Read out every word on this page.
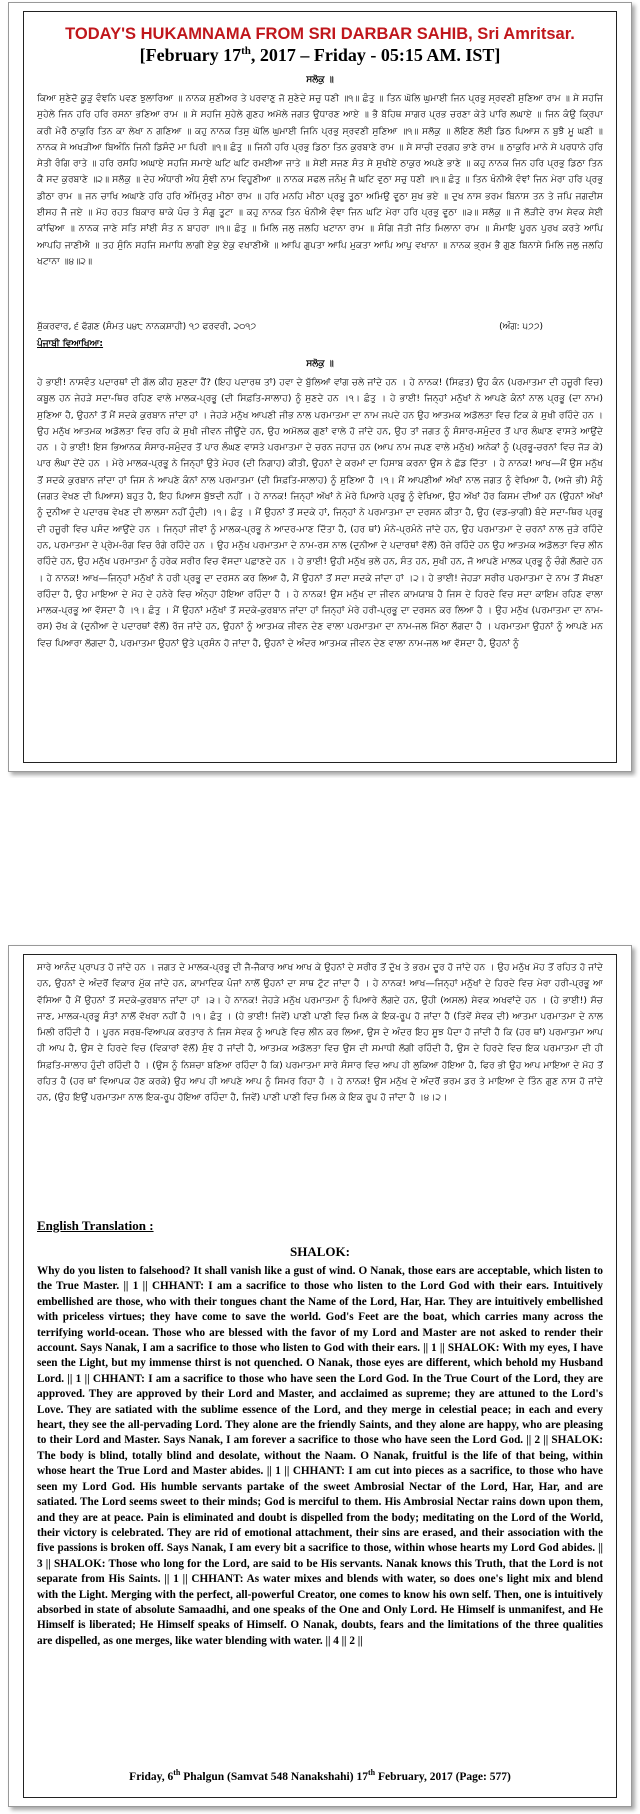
TODAY'S HUKAMNAMA FROM SRI DARBAR SAHIB, Sri Amritsar.
[February 17th, 2017 – Friday - 05:15 AM. IST]
ਸਲੋਕੁ ॥
ਕਿਆ ਸੁਣੇਦੋ ਕੂੜੁ ਵੰਞਨਿ ਪਵਣ ਝੁਲਾਰਿਆ ॥ ਨਾਨਕ ਸੁਣੀਅਰ ਤੇ ਪਰਵਾਣੁ ਜੋ ਸੁਣੇਦੇ ਸਚੁ ਧਣੀ ॥੧॥ ਛੰਤੁ ॥ ਤਿਨ ਘੋਲਿ ਘੁਮਾਈ ਜਿਨ ਪ੍ਰਭੁ ਸ੍ਰਵਣੀ ਸੁਣਿਆ ਰਾਮ ॥ ਸੇ ਸਹਜਿ ਸੁਹੇਲੇ ਜਿਨ ਹਰਿ ਹਰਿ ਰਸਨਾ ਭਣਿਆ ਰਾਮ ॥ ਸੇ ਸਹਜਿ ਸੁਹੇਲੇ ਗੁਣਹ ਅਮੋਲੇ ਜਗਤ ਉਧਾਰਣ ਆਏ ॥ ਭੈ ਬੋਹਿਥ ਸਾਗਰ ਪ੍ਰਭ ਚਰਣਾ ਕੇਤੇ ਪਾਰਿ ਲਘਾਏ ॥ ਜਿਨ ਕੰਉ ਕ੍ਰਿਪਾ ਕਰੀ ਮੇਰੈ ਠਾਕੁਰਿ ਤਿਨ ਕਾ ਲੇਖਾ ਨ ਗਣਿਆ ॥ ਕਹੁ ਨਾਨਕ ਤਿਸੁ ਘੋਲਿ ਘੁਮਾਈ ਜਿਨਿ ਪ੍ਰਭੁ ਸ੍ਰਵਣੀ ਸੁਣਿਆ ॥੧॥ ਸਲੋਕੁ ॥ ਲੋਇਣ ਲੋਈ ਡਿਠ ਪਿਆਸ ਨ ਬੁਝੈ ਮੂ ਘਣੀ ॥ ਨਾਨਕ ਸੇ ਅਖੜੀਆ ਬਿਅੰਨਿ ਜਿਨੀ ਡਿਸੰਦੋ ਮਾ ਪਿਰੀ ॥੧॥ ਛੰਤੁ ॥ ਜਿਨੀ ਹਰਿ ਪ੍ਰਭੁ ਡਿਠਾ ਤਿਨ ਕੁਰਬਾਣੇ ਰਾਮ ॥ ਸੇ ਸਾਚੀ ਦਰਗਹ ਭਾਣੇ ਰਾਮ ॥ ਠਾਕੁਰਿ ਮਾਨੇ ਸੇ ਪਰਧਾਨੇ ਹਰਿ ਸੇਤੀ ਰੰਗਿ ਰਾਤੇ ॥ ਹਰਿ ਰਸਹਿ ਅਘਾਏ ਸਹਜਿ ਸਮਾਏ ਘਟਿ ਘਟਿ ਰਮਈਆ ਜਾਤੇ ॥ ਸੇਈ ਸਜਣ ਸੰਤ ਸੇ ਸੁਖੀਏ ਠਾਕੁਰ ਅਪਣੇ ਭਾਣੇ ॥ ਕਹੁ ਨਾਨਕ ਜਿਨ ਹਰਿ ਪ੍ਰਭੁ ਡਿਠਾ ਤਿਨ ਕੈ ਸਦ ਕੁਰਬਾਣੇ ॥੨॥ ਸਲੋਕੁ ॥ ਦੇਹ ਅੰਧਾਰੀ ਅੰਧ ਸੁੰਞੀ ਨਾਮ ਵਿਹੂਣੀਆ ॥ ਨਾਨਕ ਸਫਲ ਜਨੰਮੁ ਜੈ ਘਟਿ ਵੁਠਾ ਸਚੁ ਧਣੀ ॥੧॥ ਛੰਤੁ ॥ ਤਿਨ ਖੰਨੀਐ ਵੰਞਾਂ ਜਿਨ ਮੇਰਾ ਹਰਿ ਪ੍ਰਭੁ ਡੀਠਾ ਰਾਮ ॥ ਜਨ ਚਾਖਿ ਅਘਾਣੇ ਹਰਿ ਹਰਿ ਅੰਮ੍ਰਿਤੁ ਮੀਠਾ ਰਾਮ ॥ ਹਰਿ ਮਨਹਿ ਮੀਠਾ ਪ੍ਰਭੂ ਤੂਠਾ ਅਮਿਉ ਵੂਠਾ ਸੁਖ ਭਏ ॥ ਦੁਖ ਨਾਸ ਭਰਮ ਬਿਨਾਸ ਤਨ ਤੇ ਜਪਿ ਜਗਦੀਸ ਈਸਹ ਜੈ ਜਏ ॥ ਮੋਹ ਰਹਤ ਬਿਕਾਰ ਥਾਕੇ ਪੰਚ ਤੇ ਸੰਗੁ ਤੂਟਾ ॥ ਕਹੁ ਨਾਨਕ ਤਿਨ ਖੰਨੀਐ ਵੰਞਾ ਜਿਨ ਘਟਿ ਮੇਰਾ ਹਰਿ ਪ੍ਰਭੁ ਵੂਠਾ ॥੩॥ ਸਲੋਕੁ ॥ ਜੋ ਲੋੜੀਦੇ ਰਾਮ ਸੇਵਕ ਸੇਈ ਕਾਂਢਿਆ ॥ ਨਾਨਕ ਜਾਣੇ ਸਤਿ ਸਾਂਈ ਸੰਤ ਨ ਬਾਹਰਾ ॥੧॥ ਛੰਤੁ ॥ ਮਿਲਿ ਜਲੁ ਜਲਹਿ ਖਟਾਨਾ ਰਾਮ ॥ ਸੰਗਿ ਜੋਤੀ ਜੋਤਿ ਮਿਲਾਨਾ ਰਾਮ ॥ ਸੰਮਾਇ ਪੂਰਨ ਪੁਰਖ ਕਰਤੇ ਆਪਿ ਆਪਹਿ ਜਾਣੀਐ ॥ ਤਹ ਸੁੰਨਿ ਸਹਜਿ ਸਮਾਧਿ ਲਾਗੀ ਏਕੁ ਏਕੁ ਵਖਾਣੀਐ ॥ ਆਪਿ ਗੁਪਤਾ ਆਪਿ ਮੁਕਤਾ ਆਪਿ ਆਪੁ ਵਖਾਨਾ ॥ ਨਾਨਕ ਭ੍ਰਮ ਭੈ ਗੁਣ ਬਿਨਾਸੇ ਮਿਲਿ ਜਲੁ ਜਲਹਿ ਖਟਾਨਾ ॥੪॥੨॥
ਸ਼ੁੱਕਰਵਾਰ, ੬ ਫੱਗਣ (ਸੰਮਤ ੫੪੮ ਨਾਨਕਸ਼ਾਹੀ) ੧੭ ਫਰਵਰੀ, ੨੦੧੭	(ਅੰਗ: ੫੭੭)
ਪੰਜਾਬੀ ਵਿਆਖਿਆ:
ਸਲੋਕੁ ॥
ਹੇ ਭਾਈ! ਨਾਸਵੰਤ ਪਦਾਰਥਾਂ ਦੀ ਗੱਲ ਕੀਹ ਸੁਣਦਾ ਹੈਂ? (ਇਹ ਪਦਾਰਥ ਤਾਂ) ਹਵਾ ਦੇ ਬੁੱਲਿਆਂ ਵਾਂਗ ਚਲੇ ਜਾਂਦੇ ਹਨ । ਹੇ ਨਾਨਕ! (ਸਿਫ਼ਤ) ਉਹ ਕੰਨ (ਪਰਮਾਤਮਾ ਦੀ ਹਜ਼ੂਰੀ ਵਿਚ) ਕਬੂਲ ਹਨ ਜੇਹੜੇ ਸਦਾ-ਥਿਰ ਰਹਿਣ ਵਾਲੇ ਮਾਲਕ-ਪ੍ਰਭੂ (ਦੀ ਸਿਫ਼ਤਿ-ਸਾਲਾਹ) ਨੂੰ ਸੁਣਦੇ ਹਨ ।੧। ਛੰਤੁ । ਹੇ ਭਾਈ! ਜਿਨ੍ਹਾਂ ਮਨੁੱਖਾਂ ਨੇ ਆਪਣੇ ਕੰਨਾਂ ਨਾਲ ਪ੍ਰਭੂ (ਦਾ ਨਾਮ) ਸੁਣਿਆ ਹੈ, ਉਹਨਾਂ ਤੋਂ ਮੈਂ ਸਦਕੇ ਕੁਰਬਾਨ ਜਾਂਦਾ ਹਾਂ । ਜੇਹੜੇ ਮਨੁੱਖ ਆਪਣੀ ਜੀਭ ਨਾਲ ਪਰਮਾਤਮਾ ਦਾ ਨਾਮ ਜਪਦੇ ਹਨ ਉਹ ਆਤਮਕ ਅਡੋਲਤਾ ਵਿਚ ਟਿਕ ਕੇ ਸੁਖੀ ਰਹਿੰਦੇ ਹਨ । ਉਹ ਮਨੁੱਖ ਆਤਮਕ ਅਡੋਲਤਾ ਵਿਚ ਰਹਿ ਕੇ ਸੁਖੀ ਜੀਵਨ ਜੀਊਂਦੇ ਹਨ, ਉਹ ਅਮੋਲਕ ਗੁਣਾਂ ਵਾਲੇ ਹੋ ਜਾਂਦੇ ਹਨ, ਉਹ ਤਾਂ ਜਗਤ ਨੂੰ ਸੰਸਾਰ-ਸਮੁੰਦਰ ਤੋਂ ਪਾਰ ਲੰਘਾਣ ਵਾਸਤੇ ਆਉਂਦੇ ਹਨ । ਹੇ ਭਾਈ! ਇਸ ਭਿਆਨਕ ਸੰਸਾਰ-ਸਮੁੰਦਰ ਤੋਂ ਪਾਰ ਲੰਘਣ ਵਾਸਤੇ ਪਰਮਾਤਮਾ ਦੇ ਚਰਨ ਜਹਾਜ਼ ਹਨ (ਆਪ ਨਾਮ ਜਪਣ ਵਾਲੇ ਮਨੁੱਖ) ਅਨੇਕਾਂ ਨੂੰ (ਪ੍ਰਭੂ-ਚਰਨਾਂ ਵਿਚ ਜੋੜ ਕੇ) ਪਾਰ ਲੰਘਾ ਦੇਂਦੇ ਹਨ । ਮੇਰੇ ਮਾਲਕ-ਪ੍ਰਭੂ ਨੇ ਜਿਨ੍ਹਾਂ ਉਤੇ ਮੇਹਰ (ਦੀ ਨਿਗਾਹ) ਕੀਤੀ, ਉਹਨਾਂ ਦੇ ਕਰਮਾਂ ਦਾ ਹਿਸਾਬ ਕਰਨਾ ਉਸ ਨੇ ਛੱਡ ਦਿੱਤਾ । ਹੇ ਨਾਨਕ! ਆਖ—ਮੈਂ ਉਸ ਮਨੁੱਖ ਤੋਂ ਸਦਕੇ ਕੁਰਬਾਨ ਜਾਂਦਾ ਹਾਂ ਜਿਸ ਨੇ ਆਪਣੇ ਕੰਨਾਂ ਨਾਲ ਪਰਮਾਤਮਾ (ਦੀ ਸਿਫ਼ਤਿ-ਸਾਲਾਹ) ਨੂੰ ਸੁਣਿਆ ਹੈ ।੧। ਮੈਂ ਆਪਣੀਆਂ ਅੱਖਾਂ ਨਾਲ ਜਗਤ ਨੂੰ ਵੇਖਿਆ ਹੈ, (ਅਜੇ ਭੀ) ਮੈਨੂੰ (ਜਗਤ ਵੇਖਣ ਦੀ ਪਿਆਸ) ਬਹੁਤ ਹੈ, ਇਹ ਪਿਆਸ ਬੁੱਝਦੀ ਨਹੀਂ । ਹੇ ਨਾਨਕ! ਜਿਨ੍ਹਾਂ ਅੱਖਾਂ ਨੇ ਮੇਰੇ ਪਿਆਰੇ ਪ੍ਰਭੂ ਨੂੰ ਵੇਖਿਆ, ਉਹ ਅੱਖਾਂ ਹੋਰ ਕਿਸਮ ਦੀਆਂ ਹਨ (ਉਹਨਾਂ ਅੱਖਾਂ ਨੂੰ ਦੁਨੀਆ ਦੇ ਪਦਾਰਥ ਵੇਖਣ ਦੀ ਲਾਲਸਾ ਨਹੀਂ ਹੁੰਦੀ) ।੧। ਛੰਤੁ । ਮੈਂ ਉਹਨਾਂ ਤੋਂ ਸਦਕੇ ਹਾਂ, ਜਿਨ੍ਹਾਂ ਨੇ ਪਰਮਾਤਮਾ ਦਾ ਦਰਸਨ ਕੀਤਾ ਹੈ, ਉਹ (ਵਡ-ਭਾਗੀ) ਬੰਦੇ ਸਦਾ-ਥਿਰ ਪ੍ਰਭੂ ਦੀ ਹਜ਼ੂਰੀ ਵਿਚ ਪਸੰਦ ਆਉਂਦੇ ਹਨ । ਜਿਨ੍ਹਾਂ ਜੀਵਾਂ ਨੂੰ ਮਾਲਕ-ਪ੍ਰਭੂ ਨੇ ਆਦਰ-ਮਾਣ ਦਿੱਤਾ ਹੈ, (ਹਰ ਥਾਂ) ਮੰਨੇ-ਪ੍ਰਮੰਨੇ ਜਾਂਦੇ ਹਨ, ਉਹ ਪਰਮਾਤਮਾ ਦੇ ਚਰਨਾਂ ਨਾਲ ਜੁੜੇ ਰਹਿੰਦੇ ਹਨ, ਪਰਮਾਤਮਾ ਦੇ ਪ੍ਰੇਮ-ਰੰਗ ਵਿਚ ਰੰਗੇ ਰਹਿੰਦੇ ਹਨ । ਉਹ ਮਨੁੱਖ ਪਰਮਾਤਮਾ ਦੇ ਨਾਮ-ਰਸ ਨਾਲ (ਦੁਨੀਆ ਦੇ ਪਦਾਰਥਾਂ ਵੱਲੋਂ) ਰੱਜੇ ਰਹਿੰਦੇ ਹਨ ਉਹ ਆਤਮਕ ਅਡੋਲਤਾ ਵਿਚ ਲੀਨ ਰਹਿੰਦੇ ਹਨ, ਉਹ ਮਨੁੱਖ ਪਰਮਾਤਮਾ ਨੂੰ ਹਰੇਕ ਸਰੀਰ ਵਿਚ ਵੱਸਦਾ ਪਛਾਣਦੇ ਹਨ । ਹੇ ਭਾਈ! ਉਹੀ ਮਨੁੱਖ ਭਲੇ ਹਨ, ਸੰਤ ਹਨ, ਸੁਖੀ ਹਨ, ਜੋ ਆਪਣੇ ਮਾਲਕ ਪ੍ਰਭੂ ਨੂੰ ਚੰਗੇ ਲੱਗਦੇ ਹਨ । ਹੇ ਨਾਨਕ! ਆਖ—ਜਿਨ੍ਹਾਂ ਮਨੁੱਖਾਂ ਨੇ ਹਰੀ ਪ੍ਰਭੂ ਦਾ ਦਰਸਨ ਕਰ ਲਿਆ ਹੈ, ਮੈਂ ਉਹਨਾਂ ਤੋਂ ਸਦਾ ਸਦਕੇ ਜਾਂਦਾ ਹਾਂ ।੨। ਹੇ ਭਾਈ! ਜੇਹੜਾ ਸਰੀਰ ਪਰਮਾਤਮਾ ਦੇ ਨਾਮ ਤੋਂ ਸੱਖਣਾ ਰਹਿੰਦਾ ਹੈ, ਉਹ ਮਾਇਆ ਦੇ ਮੋਹ ਦੇ ਹਨੇਰੇ ਵਿਚ ਅੰਨ੍ਹਾ ਹੋਇਆ ਰਹਿੰਦਾ ਹੈ । ਹੇ ਨਾਨਕ! ਉਸ ਮਨੁੱਖ ਦਾ ਜੀਵਨ ਕਾਮਯਾਬ ਹੈ ਜਿਸ ਦੇ ਹਿਰਦੇ ਵਿਚ ਸਦਾ ਕਾਇਮ ਰਹਿਣ ਵਾਲਾ ਮਾਲਕ-ਪ੍ਰਭੂ ਆ ਵੱਸਦਾ ਹੈ ।੧। ਛੰਤੁ । ਮੈਂ ਉਹਨਾਂ ਮਨੁੱਖਾਂ ਤੋਂ ਸਦਕੇ-ਕੁਰਬਾਨ ਜਾਂਦਾ ਹਾਂ ਜਿਨ੍ਹਾਂ ਮੇਰੇ ਹਰੀ-ਪ੍ਰਭੂ ਦਾ ਦਰਸਨ ਕਰ ਲਿਆ ਹੈ । ਉਹ ਮਨੁੱਖ (ਪਰਮਾਤਮਾ ਦਾ ਨਾਮ-ਰਸ) ਚੱਖ ਕੇ (ਦੁਨੀਆ ਦੇ ਪਦਾਰਥਾਂ ਵੱਲੋਂ) ਰੱਜ ਜਾਂਦੇ ਹਨ, ਉਹਨਾਂ ਨੂੰ ਆਤਮਕ ਜੀਵਨ ਦੇਣ ਵਾਲਾ ਪਰਮਾਤਮਾ ਦਾ ਨਾਮ-ਜਲ ਮਿੱਠਾ ਲੱਗਦਾ ਹੈ । ਪਰਮਾਤਮਾ ਉਹਨਾਂ ਨੂੰ ਆਪਣੇ ਮਨ ਵਿਚ ਪਿਆਰਾ ਲੱਗਦਾ ਹੈ, ਪਰਮਾਤਮਾ ਉਹਨਾਂ ਉਤੇ ਪ੍ਰਸੰਨ ਹੋ ਜਾਂਦਾ ਹੈ, ਉਹਨਾਂ ਦੇ ਅੰਦਰ ਆਤਮਕ ਜੀਵਨ ਦੇਣ ਵਾਲਾ ਨਾਮ-ਜਲ ਆ ਵੱਸਦਾ ਹੈ, ਉਹਨਾਂ ਨੂੰ
ਸਾਰੇ ਆਨੰਦ ਪ੍ਰਾਪਤ ਹੋ ਜਾਂਦੇ ਹਨ । ਜਗਤ ਦੇ ਮਾਲਕ-ਪ੍ਰਭੂ ਦੀ ਜੈ-ਜੈਕਾਰ ਆਖ ਆਖ ਕੇ ਉਹਨਾਂ ਦੇ ਸਰੀਰ ਤੋਂ ਦੁੱਖ ਤੇ ਭਰਮ ਦੂਰ ਹੋ ਜਾਂਦੇ ਹਨ । ਉਹ ਮਨੁੱਖ ਮੋਹ ਤੋਂ ਰਹਿਤ ਹੋ ਜਾਂਦੇ ਹਨ, ਉਹਨਾਂ ਦੇ ਅੰਦਰੋਂ ਵਿਕਾਰ ਮੁੱਕ ਜਾਂਦੇ ਹਨ, ਕਾਮਾਦਿਕ ਪੰਜਾਂ ਨਾਲੋਂ ਉਹਨਾਂ ਦਾ ਸਾਥ ਟੁੱਟ ਜਾਂਦਾ ਹੈ । ਹੇ ਨਾਨਕ! ਆਖ—ਜਿਨ੍ਹਾਂ ਮਨੁੱਖਾਂ ਦੇ ਹਿਰਦੇ ਵਿਚ ਮੇਰਾ ਹਰੀ-ਪ੍ਰਭੂ ਆ ਵੱਸਿਆ ਹੈ ਮੈਂ ਉਹਨਾਂ ਤੋਂ ਸਦਕੇ-ਕੁਰਬਾਨ ਜਾਂਦਾ ਹਾਂ ।੩। ਹੇ ਨਾਨਕ! ਜੇਹੜੇ ਮਨੁੱਖ ਪਰਮਾਤਮਾ ਨੂੰ ਪਿਆਰੇ ਲੱਗਦੇ ਹਨ, ਉਹੀ (ਅਸਲ) ਸੇਵਕ ਅਖਵਾਂਦੇ ਹਨ । (ਹੇ ਭਾਈ!) ਸੱਚ ਜਾਣ, ਮਾਲਕ-ਪ੍ਰਭੂ ਸੰਤਾਂ ਨਾਲੋਂ ਵੱਖਰਾ ਨਹੀਂ ਹੈ ।੧। ਛੰਤੁ । (ਹੇ ਭਾਈ! ਜਿਵੇਂ) ਪਾਣੀ ਪਾਣੀ ਵਿਚ ਮਿਲ ਕੇ ਇਕ-ਰੂਪ ਹੋ ਜਾਂਦਾ ਹੈ (ਤਿਵੇਂ ਸੇਵਕ ਦੀ) ਆਤਮਾ ਪਰਮਾਤਮਾ ਦੇ ਨਾਲ ਮਿਲੀ ਰਹਿੰਦੀ ਹੈ । ਪੂਰਨ ਸਰਬ-ਵਿਆਪਕ ਕਰਤਾਰ ਨੇ ਜਿਸ ਸੇਵਕ ਨੂੰ ਆਪਣੇ ਵਿਚ ਲੀਨ ਕਰ ਲਿਆ, ਉਸ ਦੇ ਅੰਦਰ ਇਹ ਸੂਝ ਪੈਦਾ ਹੋ ਜਾਂਦੀ ਹੈ ਕਿ (ਹਰ ਥਾਂ) ਪਰਮਾਤਮਾ ਆਪ ਹੀ ਆਪ ਹੈ, ਉਸ ਦੇ ਹਿਰਦੇ ਵਿਚ (ਵਿਕਾਰਾਂ ਵੱਲੋਂ) ਸੁੰਞ ਹੋ ਜਾਂਦੀ ਹੈ, ਆਤਮਕ ਅਡੋਲਤਾ ਵਿਚ ਉਸ ਦੀ ਸਮਾਧੀ ਲੱਗੀ ਰਹਿੰਦੀ ਹੈ, ਉਸ ਦੇ ਹਿਰਦੇ ਵਿਚ ਇਕ ਪਰਮਾਤਮਾ ਦੀ ਹੀ ਸਿਫ਼ਤਿ-ਸਾਲਾਹ ਹੁੰਦੀ ਰਹਿੰਦੀ ਹੈ । (ਉਸ ਨੂੰ ਨਿਸ਼ਚਾ ਬਣਿਆ ਰਹਿੰਦਾ ਹੈ ਕਿ) ਪਰਮਾਤਮਾ ਸਾਰੇ ਸੰਸਾਰ ਵਿਚ ਆਪ ਹੀ ਲੁਕਿਆ ਹੋਇਆ ਹੈ, ਫਿਰ ਭੀ ਉਹ ਆਪ ਮਾਇਆ ਦੇ ਮੋਹ ਤੋਂ ਰਹਿਤ ਹੈ (ਹਰ ਥਾਂ ਵਿਆਪਕ ਹੋਣ ਕਰਕੇ) ਉਹ ਆਪ ਹੀ ਆਪਣੇ ਆਪ ਨੂੰ ਸਿਮਰ ਰਿਹਾ ਹੈ । ਹੇ ਨਾਨਕ! ਉਸ ਮਨੁੱਖ ਦੇ ਅੰਦਰੋਂ ਭਰਮ ਡਰ ਤੇ ਮਾਇਆ ਦੇ ਤਿੰਨ ਗੁਣ ਨਾਸ ਹੋ ਜਾਂਦੇ ਹਨ, (ਉਹ ਇਉਂ ਪਰਮਾਤਮਾ ਨਾਲ ਇਕ-ਰੂਪ ਹੋਇਆ ਰਹਿੰਦਾ ਹੈ, ਜਿਵੇਂ) ਪਾਣੀ ਪਾਣੀ ਵਿਚ ਮਿਲ ਕੇ ਇਕ ਰੂਪ ਹੋ ਜਾਂਦਾ ਹੈ ।੪।੨।
English Translation :
SHALOK:
Why do you listen to falsehood? It shall vanish like a gust of wind. O Nanak, those ears are acceptable, which listen to the True Master. || 1 || CHHANT: I am a sacrifice to those who listen to the Lord God with their ears. Intuitively embellished are those, who with their tongues chant the Name of the Lord, Har, Har. They are intuitively embellished with priceless virtues; they have come to save the world. God's Feet are the boat, which carries many across the terrifying world-ocean. Those who are blessed with the favor of my Lord and Master are not asked to render their account. Says Nanak, I am a sacrifice to those who listen to God with their ears. || 1 || SHALOK: With my eyes, I have seen the Light, but my immense thirst is not quenched. O Nanak, those eyes are different, which behold my Husband Lord. || 1 || CHHANT: I am a sacrifice to those who have seen the Lord God. In the True Court of the Lord, they are approved. They are approved by their Lord and Master, and acclaimed as supreme; they are attuned to the Lord's Love. They are satiated with the sublime essence of the Lord, and they merge in celestial peace; in each and every heart, they see the all-pervading Lord. They alone are the friendly Saints, and they alone are happy, who are pleasing to their Lord and Master. Says Nanak, I am forever a sacrifice to those who have seen the Lord God. || 2 || SHALOK: The body is blind, totally blind and desolate, without the Naam. O Nanak, fruitful is the life of that being, within whose heart the True Lord and Master abides. || 1 || CHHANT: I am cut into pieces as a sacrifice, to those who have seen my Lord God. His humble servants partake of the sweet Ambrosial Nectar of the Lord, Har, Har, and are satiated. The Lord seems sweet to their minds; God is merciful to them. His Ambrosial Nectar rains down upon them, and they are at peace. Pain is eliminated and doubt is dispelled from the body; meditating on the Lord of the World, their victory is celebrated. They are rid of emotional attachment, their sins are erased, and their association with the five passions is broken off. Says Nanak, I am every bit a sacrifice to those, within whose hearts my Lord God abides. || 3 || SHALOK: Those who long for the Lord, are said to be His servants. Nanak knows this Truth, that the Lord is not separate from His Saints. || 1 || CHHANT: As water mixes and blends with water, so does one's light mix and blend with the Light. Merging with the perfect, all-powerful Creator, one comes to know his own self. Then, one is intuitively absorbed in state of absolute Samaadhi, and one speaks of the One and Only Lord. He Himself is unmanifest, and He Himself is liberated; He Himself speaks of Himself. O Nanak, doubts, fears and the limitations of the three qualities are dispelled, as one merges, like water blending with water. || 4 || 2 ||
Friday, 6th Phalgun (Samvat 548 Nanakshahi) 17th February, 2017 (Page: 577)
